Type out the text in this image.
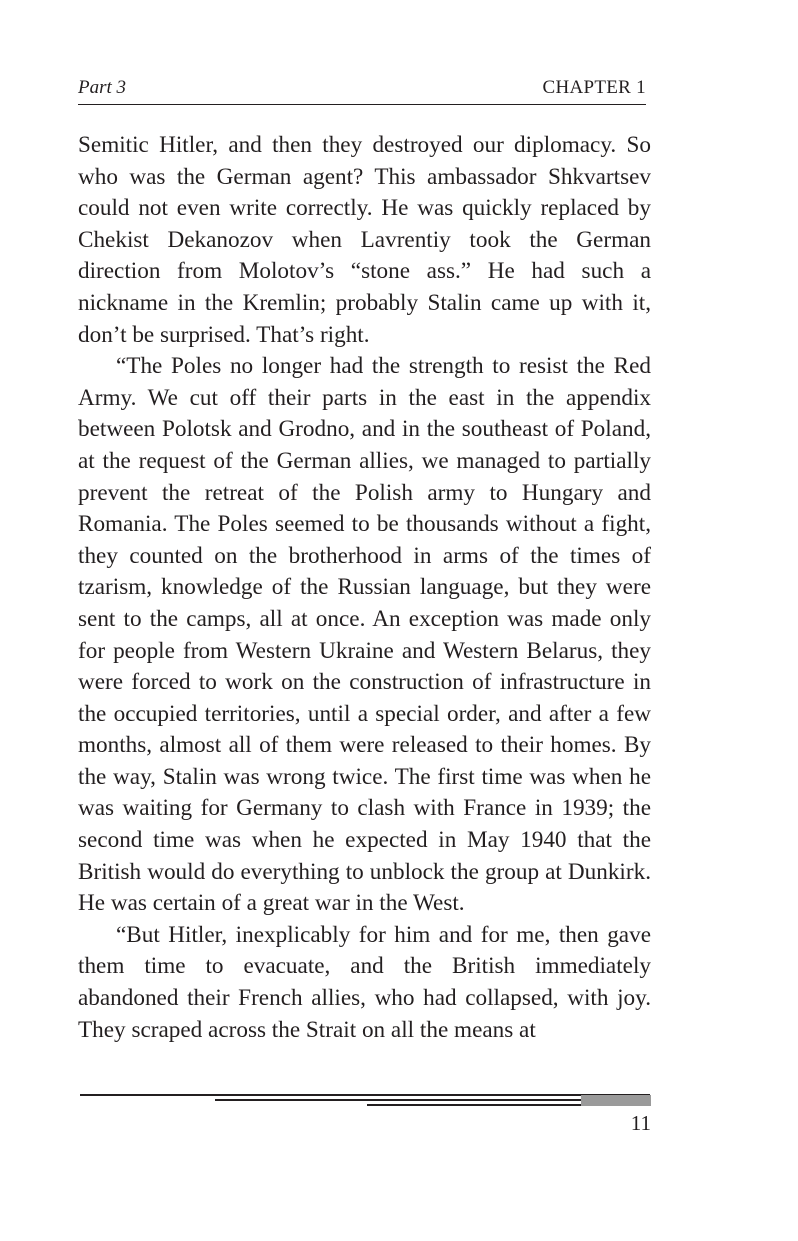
Part 3	CHAPTER 1

Semitic Hitler, and then they destroyed our diplomacy. So who was the German agent? This ambassador Shkvartsev could not even write correctly. He was quickly replaced by Chekist Dekanozov when Lavrentiy took the German direction from Molotov’s “stone ass.” He had such a nickname in the Kremlin; probably Stalin came up with it, don’t be surprised. That’s right.

“The Poles no longer had the strength to resist the Red Army. We cut off their parts in the east in the appendix between Polotsk and Grodno, and in the southeast of Poland, at the request of the German allies, we managed to partially prevent the retreat of the Polish army to Hungary and Romania. The Poles seemed to be thousands without a fight, they counted on the brotherhood in arms of the times of tzarism, knowledge of the Russian language, but they were sent to the camps, all at once. An exception was made only for people from Western Ukraine and Western Belarus, they were forced to work on the construction of infrastructure in the occupied territories, until a special order, and after a few months, almost all of them were released to their homes. By the way, Stalin was wrong twice. The first time was when he was waiting for Germany to clash with France in 1939; the second time was when he expected in May 1940 that the British would do everything to unblock the group at Dunkirk. He was certain of a great war in the West.

“But Hitler, inexplicably for him and for me, then gave them time to evacuate, and the British immediately abandoned their French allies, who had collapsed, with joy. They scraped across the Strait on all the means at

11
